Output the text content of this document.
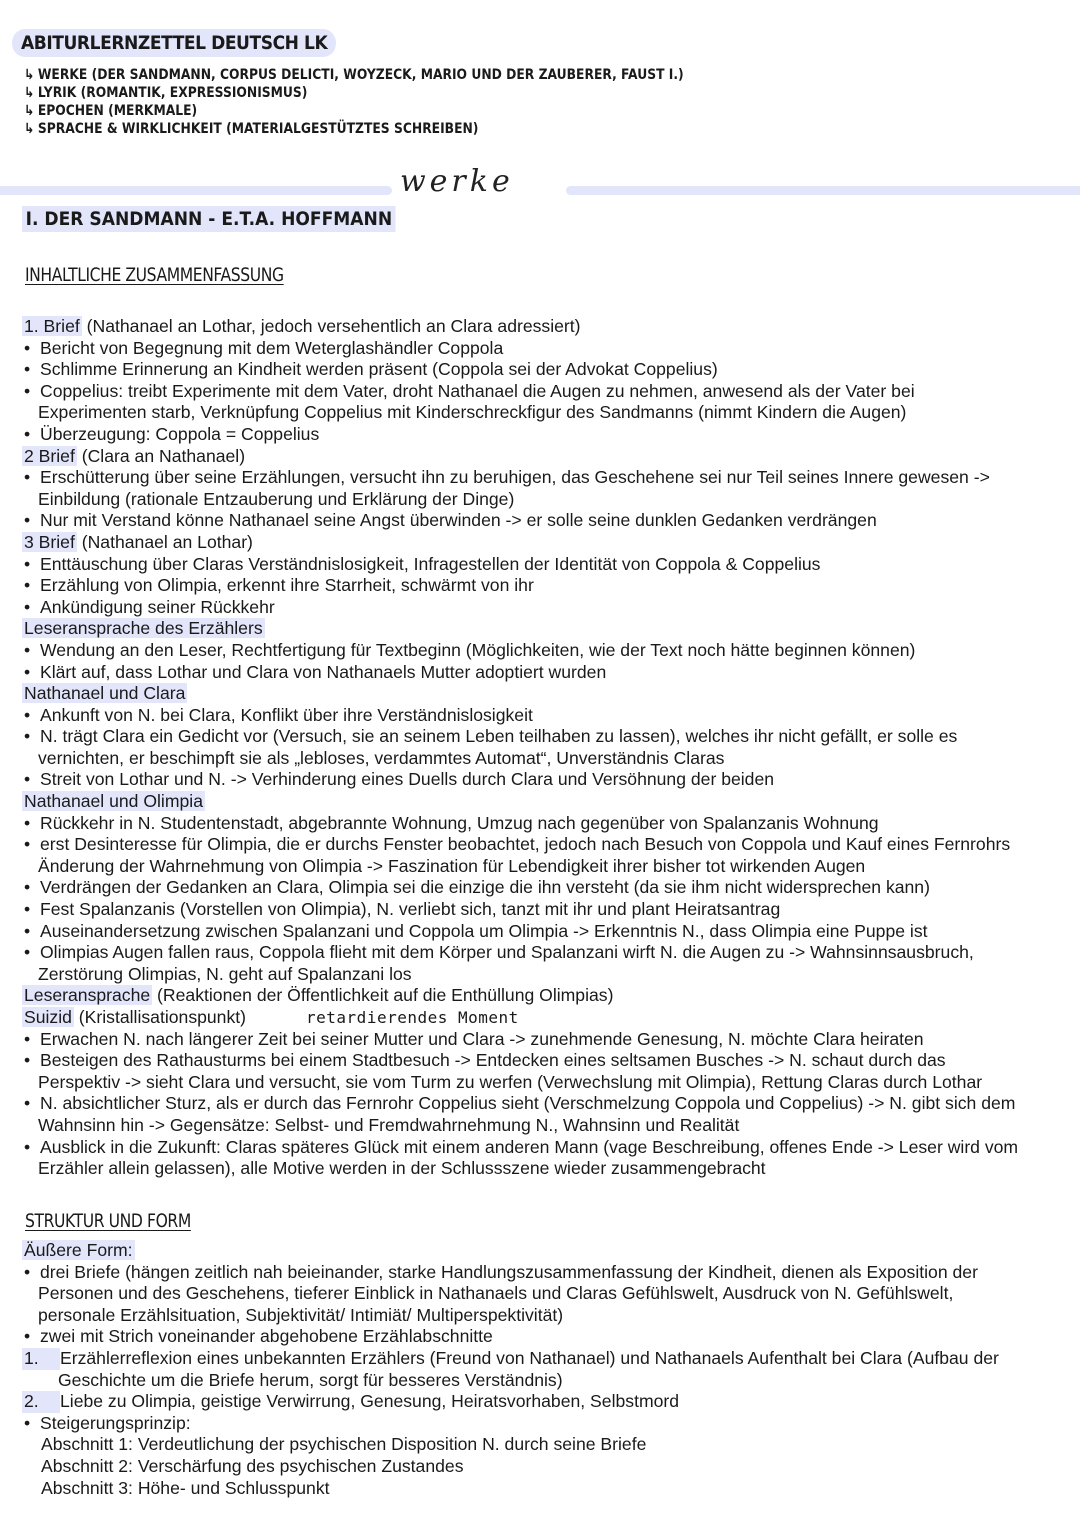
ABITURLERNZETTEL DEUTSCH LK
↳ WERKE (DER SANDMANN, CORPUS DELICTI, WOYZECK, MARIO UND DER ZAUBERER, FAUST I.)
↳ LYRIK (ROMANTIK, EXPRESSIONISMUS)
↳ EPOCHEN (MERKMALE)
↳ SPRACHE & WIRKLICHKEIT (MATERIALGESTÜTZTES SCHREIBEN)
werke
I. DER SANDMANN - E.T.A. HOFFMANN
INHALTLICHE ZUSAMMENFASSUNG
1. Brief (Nathanael an Lothar, jedoch versehentlich an Clara adressiert)
• Bericht von Begegnung mit dem Weterglashändler Coppola
• Schlimme Erinnerung an Kindheit werden präsent (Coppola sei der Advokat Coppelius)
• Coppelius: treibt Experimente mit dem Vater, droht Nathanael die Augen zu nehmen, anwesend als der Vater bei
Experimenten starb, Verknüpfung Coppelius mit Kinderschreckfigur des Sandmanns (nimmt Kindern die Augen)
• Überzeugung: Coppola = Coppelius
2 Brief (Clara an Nathanael)
• Erschütterung über seine Erzählungen, versucht ihn zu beruhigen, das Geschehene sei nur Teil seines Innere gewesen ->
Einbildung (rationale Entzauberung und Erklärung der Dinge)
• Nur mit Verstand könne Nathanael seine Angst überwinden -> er solle seine dunklen Gedanken verdrängen
3 Brief (Nathanael an Lothar)
• Enttäuschung über Claras Verständnislosigkeit, Infragestellen der Identität von Coppola & Coppelius
• Erzählung von Olimpia, erkennt ihre Starrheit, schwärmt von ihr
• Ankündigung seiner Rückkehr
Leseransprache des Erzählers
• Wendung an den Leser, Rechtfertigung für Textbeginn (Möglichkeiten, wie der Text noch hätte beginnen können)
• Klärt auf, dass Lothar und Clara von Nathanaels Mutter adoptiert wurden
Nathanael und Clara
• Ankunft von N. bei Clara, Konflikt über ihre Verständnislosigkeit
• N. trägt Clara ein Gedicht vor (Versuch, sie an seinem Leben teilhaben zu lassen), welches ihr nicht gefällt, er solle es
vernichten, er beschimpft sie als „lebloses, verdammtes Automat“, Unverständnis Claras
• Streit von Lothar und N. -> Verhinderung eines Duells durch Clara und Versöhnung der beiden
Nathanael und Olimpia
• Rückkehr in N. Studentenstadt, abgebrannte Wohnung, Umzug nach gegenüber von Spalanzanis Wohnung
• erst Desinteresse für Olimpia, die er durchs Fenster beobachtet, jedoch nach Besuch von Coppola und Kauf eines Fernrohrs
Änderung der Wahrnehmung von Olimpia -> Faszination für Lebendigkeit ihrer bisher tot wirkenden Augen
• Verdrängen der Gedanken an Clara, Olimpia sei die einzige die ihn versteht (da sie ihm nicht widersprechen kann)
• Fest Spalanzanis (Vorstellen von Olimpia), N. verliebt sich, tanzt mit ihr und plant Heiratsantrag
• Auseinandersetzung zwischen Spalanzani und Coppola um Olimpia -> Erkenntnis N., dass Olimpia eine Puppe ist
• Olimpias Augen fallen raus, Coppola flieht mit dem Körper und Spalanzani wirft N. die Augen zu -> Wahnsinnsausbruch,
Zerstörung Olimpias, N. geht auf Spalanzani los
Leseransprache (Reaktionen der Öffentlichkeit auf die Enthüllung Olimpias)
Suizid (Kristallisationspunkt)	retardierendes Moment
• Erwachen N. nach längerer Zeit bei seiner Mutter und Clara -> zunehmende Genesung, N. möchte Clara heiraten
• Besteigen des Rathausturms bei einem Stadtbesuch -> Entdecken eines seltsamen Busches -> N. schaut durch das
Perspektiv -> sieht Clara und versucht, sie vom Turm zu werfen (Verwechslung mit Olimpia), Rettung Claras durch Lothar
• N. absichtlicher Sturz, als er durch das Fernrohr Coppelius sieht (Verschmelzung Coppola und Coppelius) -> N. gibt sich dem
Wahnsinn hin -> Gegensätze: Selbst- und Fremdwahrnehmung N., Wahnsinn und Realität
• Ausblick in die Zukunft: Claras späteres Glück mit einem anderen Mann (vage Beschreibung, offenes Ende -> Leser wird vom
Erzähler allein gelassen), alle Motive werden in der Schlussszene wieder zusammengebracht
STRUKTUR UND FORM
Äußere Form:
• drei Briefe (hängen zeitlich nah beieinander, starke Handlungszusammenfassung der Kindheit, dienen als Exposition der
Personen und des Geschehens, tieferer Einblick in Nathanaels und Claras Gefühlswelt, Ausdruck von N. Gefühlswelt,
personale Erzählsituation, Subjektivität/ Intimiät/ Multiperspektivität)
• zwei mit Strich voneinander abgehobene Erzählabschnitte
1. Erzählerreflexion eines unbekannten Erzählers (Freund von Nathanael) und Nathanaels Aufenthalt bei Clara (Aufbau der
Geschichte um die Briefe herum, sorgt für besseres Verständnis)
2. Liebe zu Olimpia, geistige Verwirrung, Genesung, Heiratsvorhaben, Selbstmord
• Steigerungsprinzip:
Abschnitt 1: Verdeutlichung der psychischen Disposition N. durch seine Briefe
Abschnitt 2: Verschärfung des psychischen Zustandes
Abschnitt 3: Höhe- und Schlusspunkt
